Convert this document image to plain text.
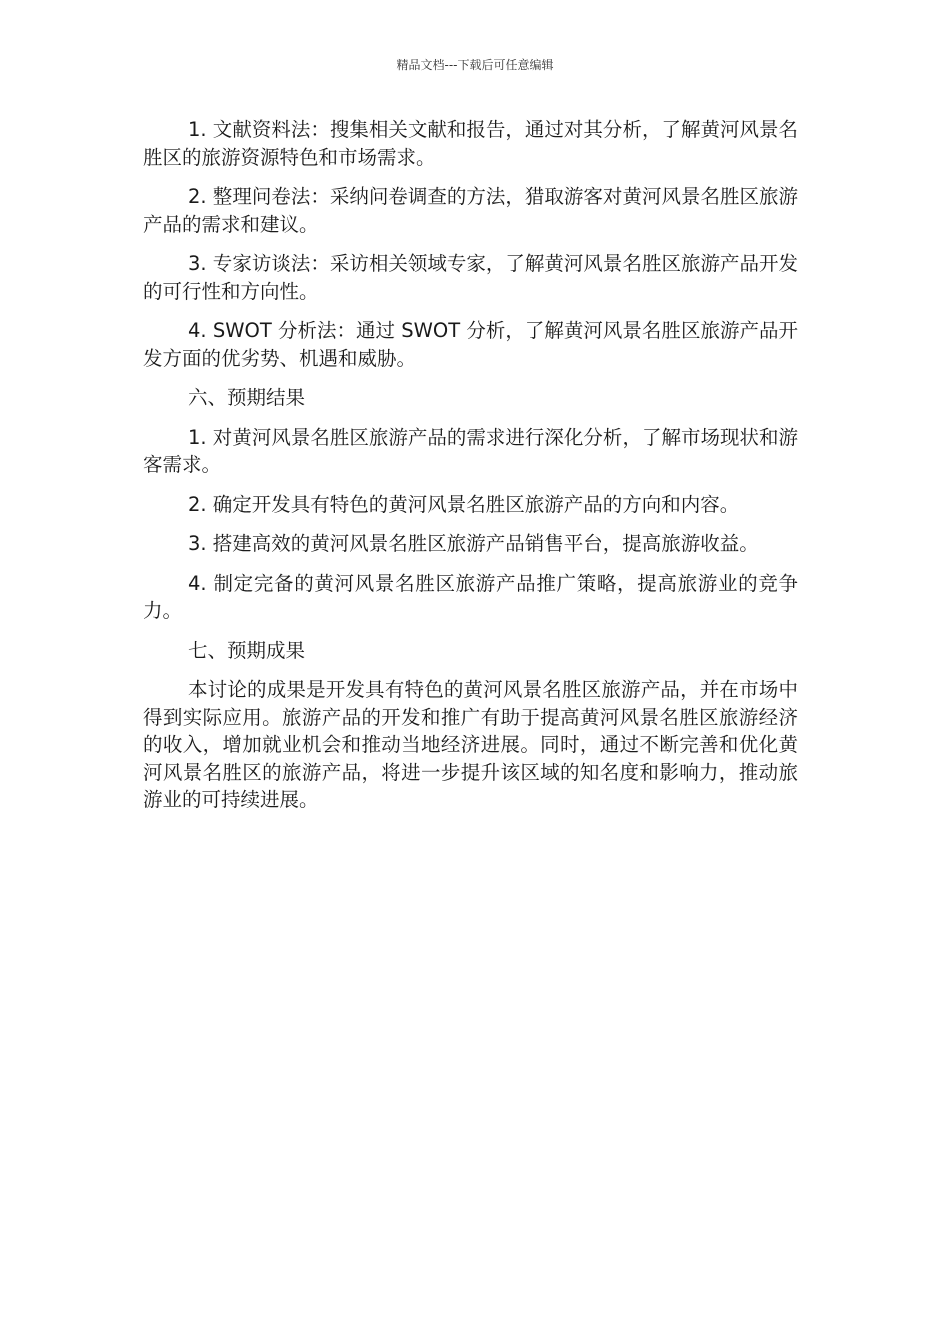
精品文档---下载后可任意编辑

1. 文献资料法：搜集相关文献和报告，通过对其分析，了解黄河风景名胜区的旅游资源特色和市场需求。

2. 整理问卷法：采纳问卷调查的方法，猎取游客对黄河风景名胜区旅游产品的需求和建议。

3. 专家访谈法：采访相关领域专家，了解黄河风景名胜区旅游产品开发的可行性和方向性。

4. SWOT 分析法：通过 SWOT 分析，了解黄河风景名胜区旅游产品开发方面的优劣势、机遇和威胁。

六、预期结果

1. 对黄河风景名胜区旅游产品的需求进行深化分析，了解市场现状和游客需求。

2. 确定开发具有特色的黄河风景名胜区旅游产品的方向和内容。

3. 搭建高效的黄河风景名胜区旅游产品销售平台，提高旅游收益。

4. 制定完备的黄河风景名胜区旅游产品推广策略，提高旅游业的竞争力。

七、预期成果

本讨论的成果是开发具有特色的黄河风景名胜区旅游产品，并在市场中得到实际应用。旅游产品的开发和推广有助于提高黄河风景名胜区旅游经济的收入，增加就业机会和推动当地经济进展。同时，通过不断完善和优化黄河风景名胜区的旅游产品，将进一步提升该区域的知名度和影响力，推动旅游业的可持续进展。
